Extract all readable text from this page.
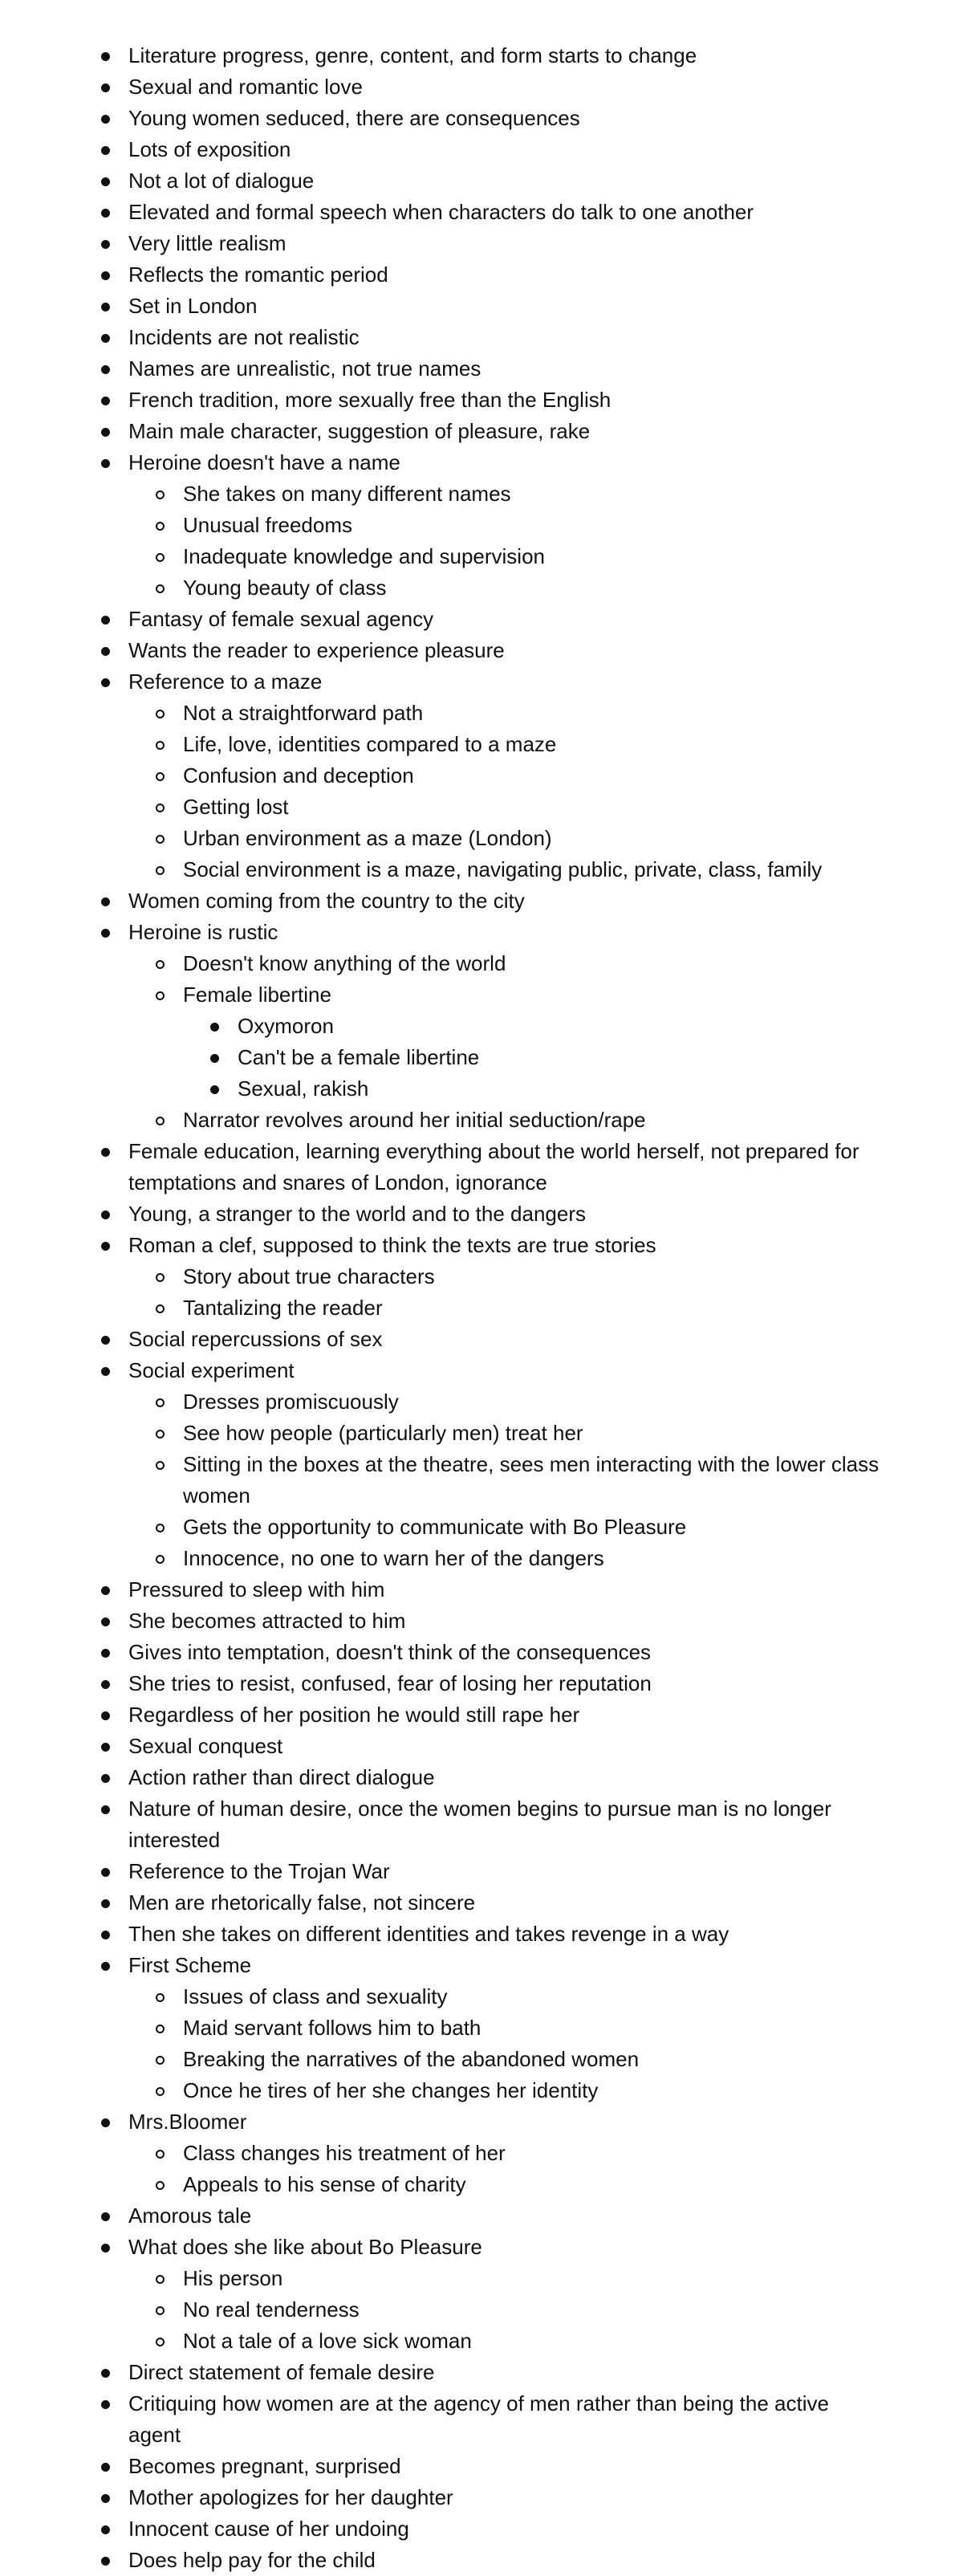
Literature progress, genre, content, and form starts to change
Sexual and romantic love
Young women seduced, there are consequences
Lots of exposition
Not a lot of dialogue
Elevated and formal speech when characters do talk to one another
Very little realism
Reflects the romantic period
Set in London
Incidents are not realistic
Names are unrealistic, not true names
French tradition, more sexually free than the English
Main male character, suggestion of pleasure, rake
Heroine doesn't have a name
She takes on many different names
Unusual freedoms
Inadequate knowledge and supervision
Young beauty of class
Fantasy of female sexual agency
Wants the reader to experience pleasure
Reference to a maze
Not a straightforward path
Life, love, identities compared to a maze
Confusion and deception
Getting lost
Urban environment as a maze (London)
Social environment is a maze, navigating public, private, class, family
Women coming from the country to the city
Heroine is rustic
Doesn't know anything of the world
Female libertine
Oxymoron
Can't be a female libertine
Sexual, rakish
Narrator revolves around her initial seduction/rape
Female education, learning everything about the world herself, not prepared for temptations and snares of London, ignorance
Young, a stranger to the world and to the dangers
Roman a clef, supposed to think the texts are true stories
Story about true characters
Tantalizing the reader
Social repercussions of sex
Social experiment
Dresses promiscuously
See how people (particularly men) treat her
Sitting in the boxes at the theatre, sees men interacting with the lower class women
Gets the opportunity to communicate with Bo Pleasure
Innocence, no one to warn her of the dangers
Pressured to sleep with him
She becomes attracted to him
Gives into temptation, doesn't think of the consequences
She tries to resist, confused, fear of losing her reputation
Regardless of her position he would still rape her
Sexual conquest
Action rather than direct dialogue
Nature of human desire, once the women begins to pursue man is no longer interested
Reference to the Trojan War
Men are rhetorically false, not sincere
Then she takes on different identities and takes revenge in a way
First Scheme
Issues of class and sexuality
Maid servant follows him to bath
Breaking the narratives of the abandoned women
Once he tires of her she changes her identity
Mrs.Bloomer
Class changes his treatment of her
Appeals to his sense of charity
Amorous tale
What does she like about Bo Pleasure
His person
No real tenderness
Not a tale of a love sick woman
Direct statement of female desire
Critiquing how women are at the agency of men rather than being the active agent
Becomes pregnant, surprised
Mother apologizes for her daughter
Innocent cause of her undoing
Does help pay for the child
